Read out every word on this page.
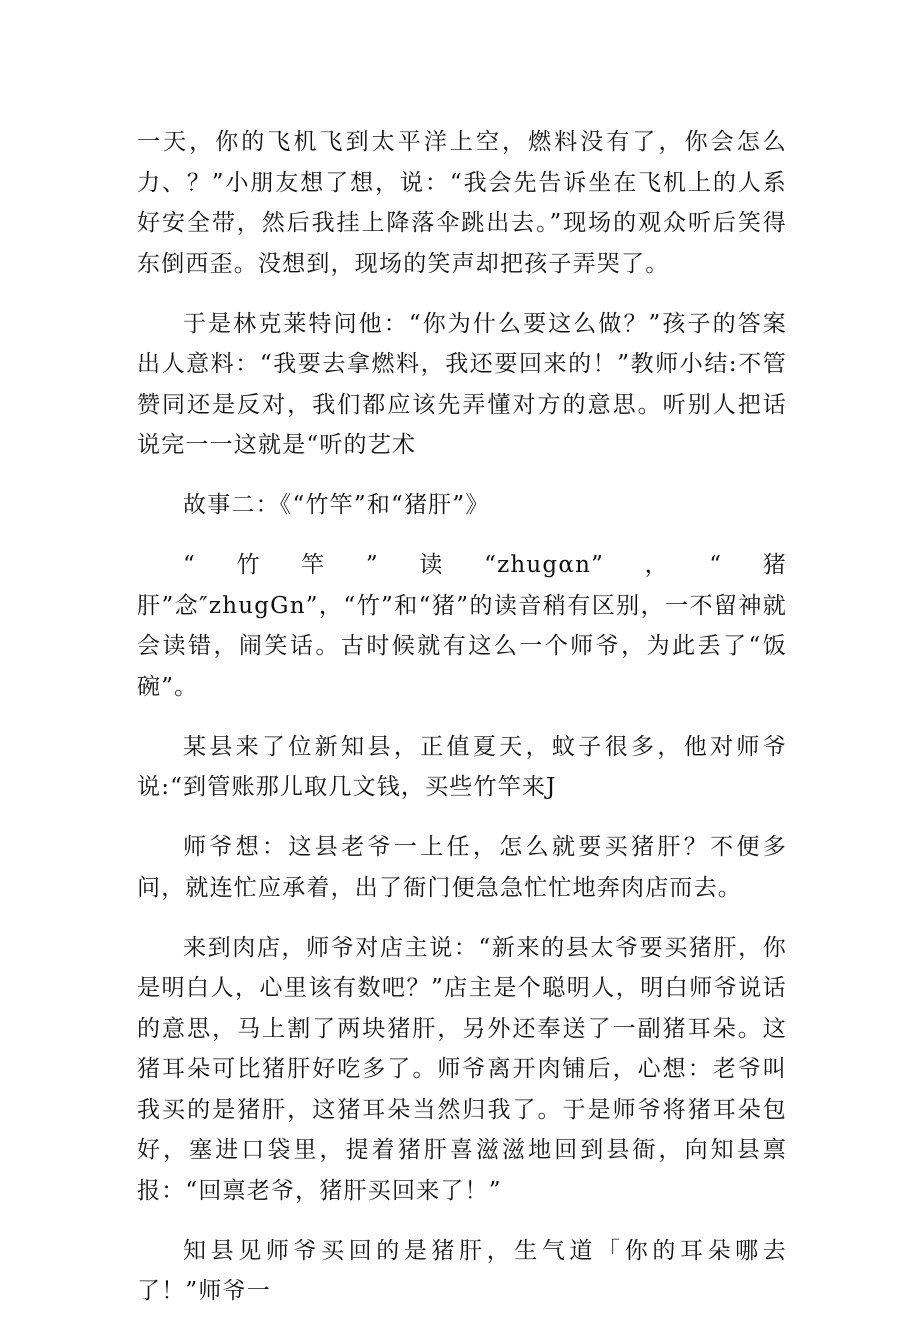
一天，你的飞机飞到太平洋上空，燃料没有了，你会怎么力、？”小朋友想了想，说：“我会先告诉坐在飞机上的人系好安全带，然后我挂上降落伞跳出去。”现场的观众听后笑得东倒西歪。没想到，现场的笑声却把孩子弄哭了。

于是林克莱特问他：“你为什么要这么做？”孩子的答案出人意料：“我要去拿燃料，我还要回来的！”教师小结:不管赞同还是反对，我们都应该先弄懂对方的意思。听别人把话说完一一这就是“听的艺术

故事二：《“竹竿”和“猪肝”》

“竹竿”读“zhugαn”，“猪肝”念″zhugGn”，“竹”和“猪”的读音稍有区别，一不留神就会读错，闹笑话。古时候就有这么一个师爷，为此丢了“饭碗”。

某县来了位新知县，正值夏天，蚊子很多，他对师爷说:“到管账那儿取几文钱，买些竹竿来J

师爷想：这县老爷一上任，怎么就要买猪肝？不便多问，就连忙应承着，出了衙门便急急忙忙地奔肉店而去。

来到肉店，师爷对店主说：“新来的县太爷要买猪肝，你是明白人，心里该有数吧？”店主是个聪明人，明白师爷说话的意思，马上割了两块猪肝，另外还奉送了一副猪耳朵。这猪耳朵可比猪肝好吃多了。师爷离开肉铺后，心想：老爷叫我买的是猪肝，这猪耳朵当然归我了。于是师爷将猪耳朵包好，塞进口袋里，提着猪肝喜滋滋地回到县衙，向知县禀报：“回禀老爷，猪肝买回来了！”

知县见师爷买回的是猪肝，生气道「你的耳朵哪去了！”师爷一
